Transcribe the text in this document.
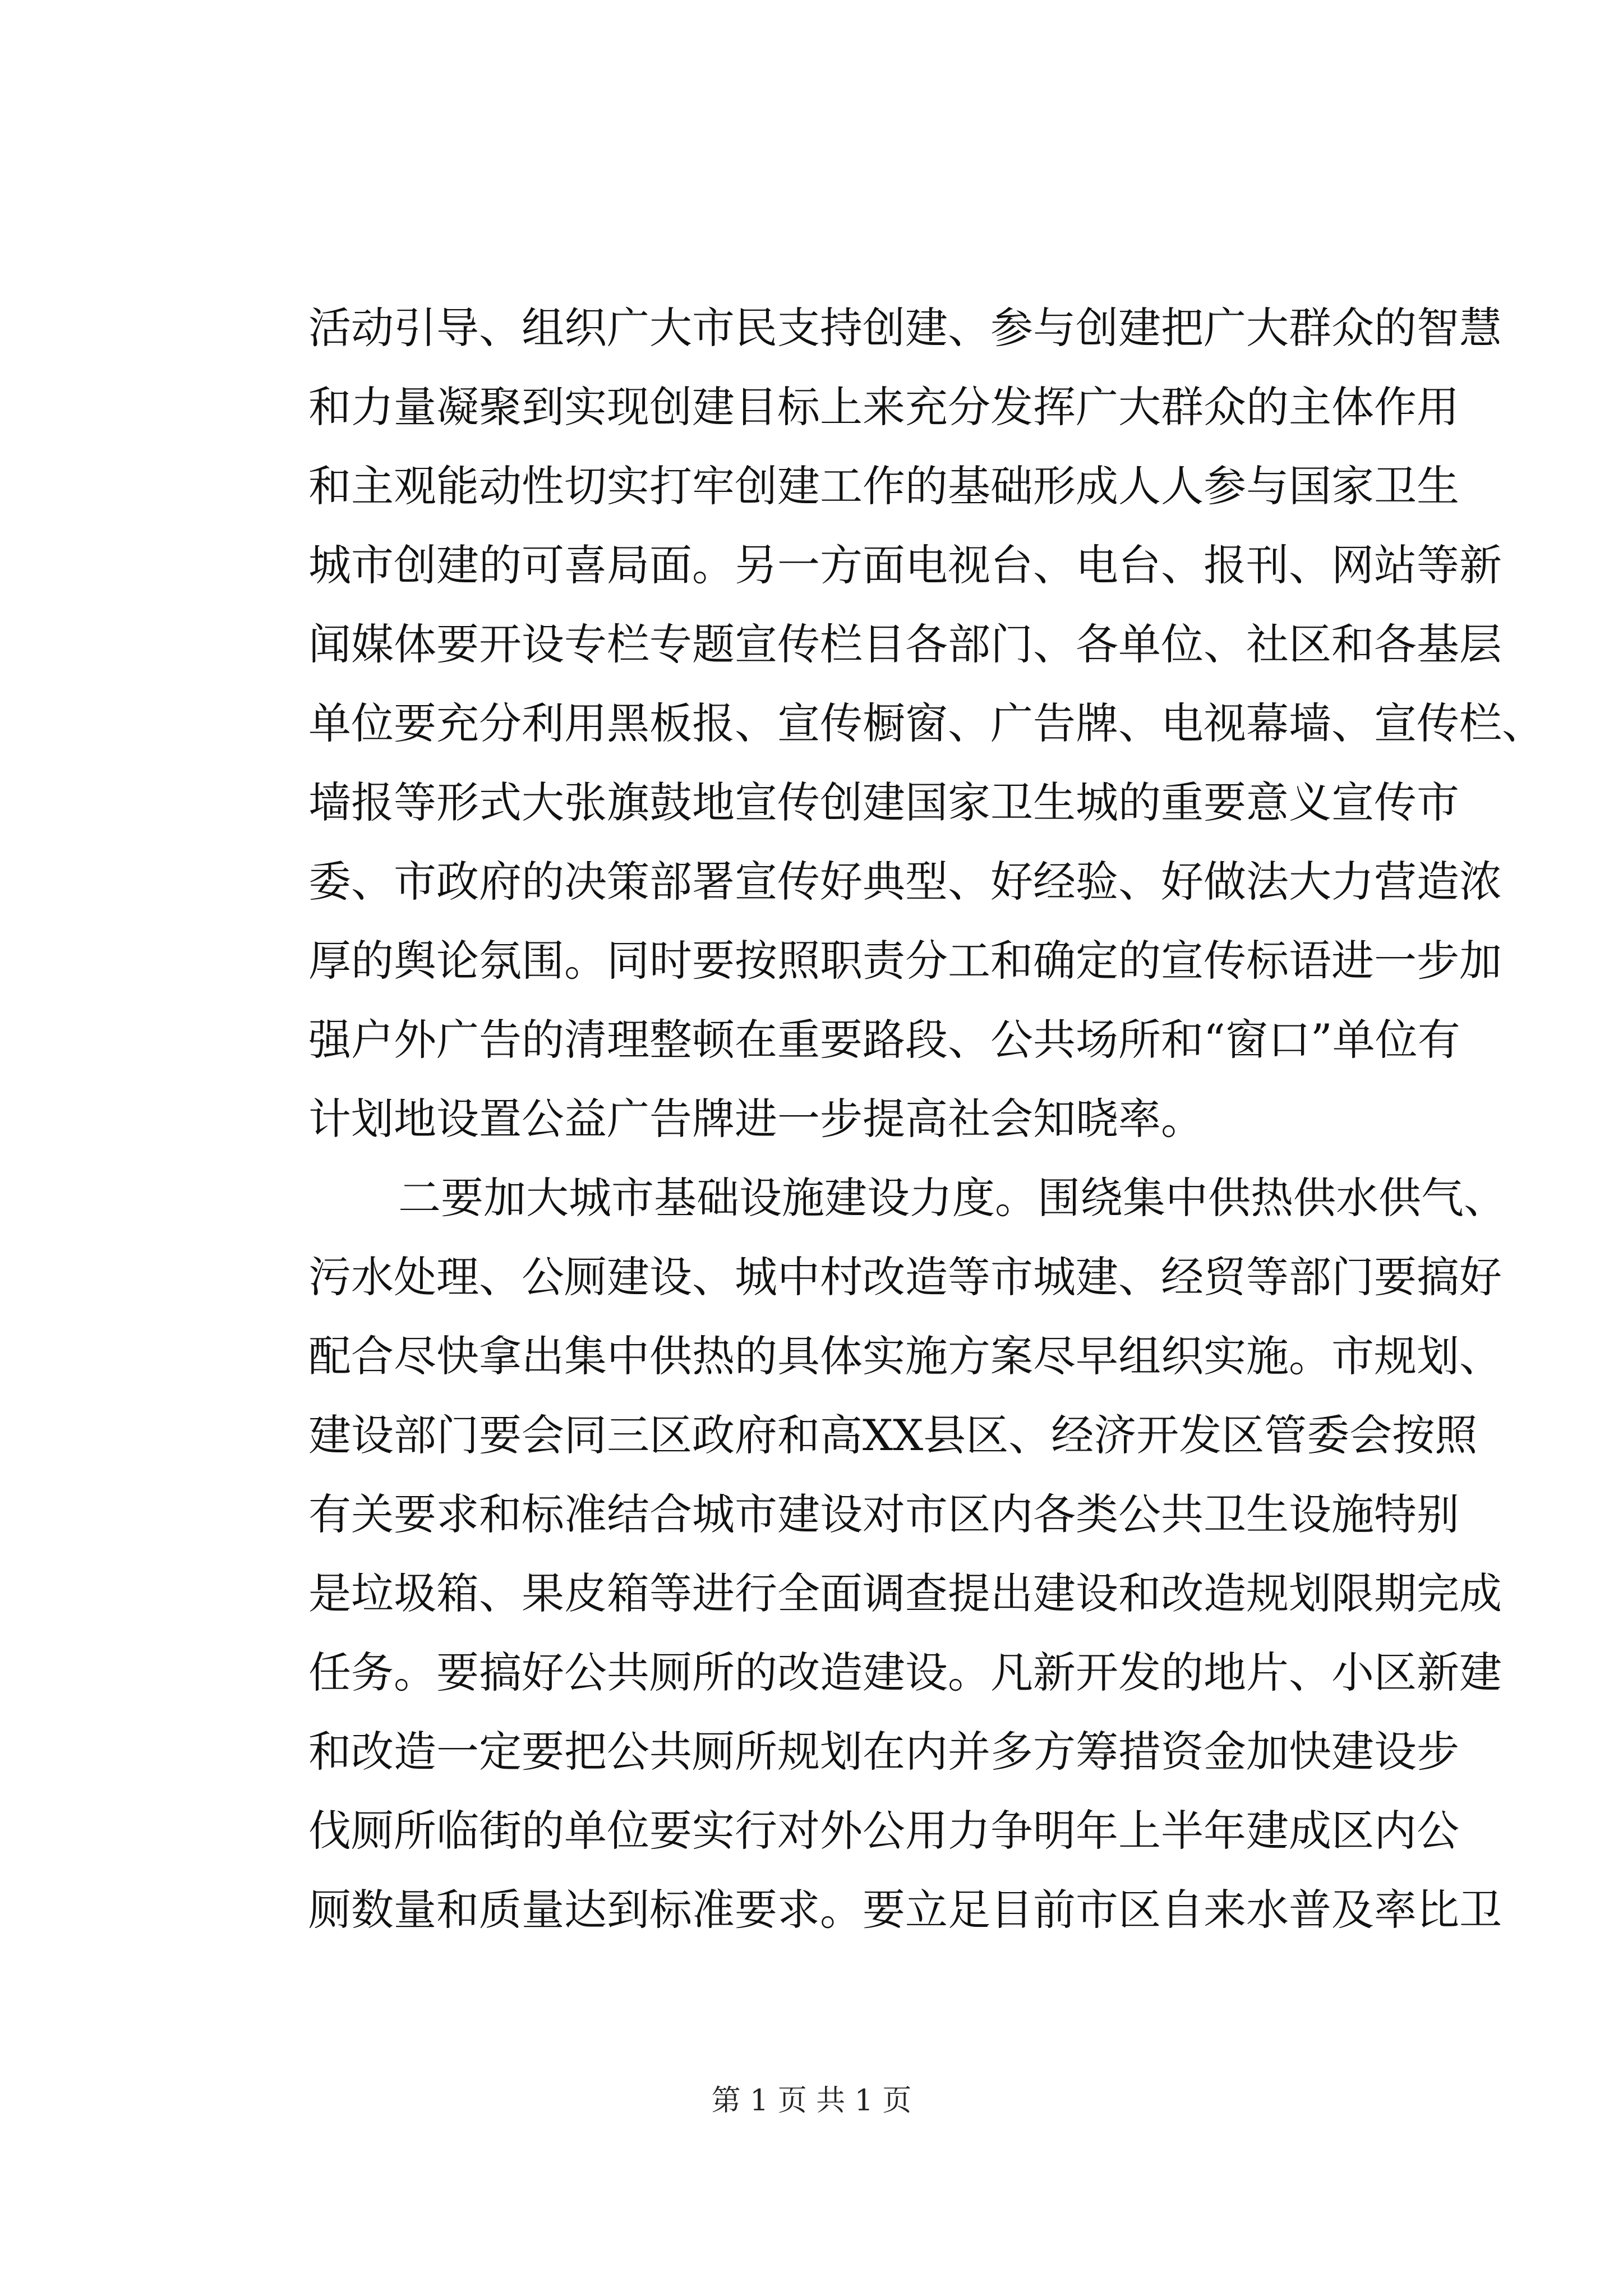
活动引导、组织广大市民支持创建、参与创建把广大群众的智慧
和力量凝聚到实现创建目标上来充分发挥广大群众的主体作用
和主观能动性切实打牢创建工作的基础形成人人参与国家卫生
城市创建的可喜局面。另一方面电视台、电台、报刊、网站等新
闻媒体要开设专栏专题宣传栏目各部门、各单位、社区和各基层
单位要充分利用黑板报、宣传橱窗、广告牌、电视幕墙、宣传栏、
墙报等形式大张旗鼓地宣传创建国家卫生城的重要意义宣传市
委、市政府的决策部署宣传好典型、好经验、好做法大力营造浓
厚的舆论氛围。同时要按照职责分工和确定的宣传标语进一步加
强户外广告的清理整顿在重要路段、公共场所和“窗口”单位有
计划地设置公益广告牌进一步提高社会知晓率。
二要加大城市基础设施建设力度。围绕集中供热供水供气、
污水处理、公厕建设、城中村改造等市城建、经贸等部门要搞好
配合尽快拿出集中供热的具体实施方案尽早组织实施。市规划、
建设部门要会同三区政府和高XX县区、经济开发区管委会按照
有关要求和标准结合城市建设对市区内各类公共卫生设施特别
是垃圾箱、果皮箱等进行全面调查提出建设和改造规划限期完成
任务。要搞好公共厕所的改造建设。凡新开发的地片、小区新建
和改造一定要把公共厕所规划在内并多方筹措资金加快建设步
伐厕所临街的单位要实行对外公用力争明年上半年建成区内公
厕数量和质量达到标准要求。要立足目前市区自来水普及率比卫
第 1 页 共 1 页
